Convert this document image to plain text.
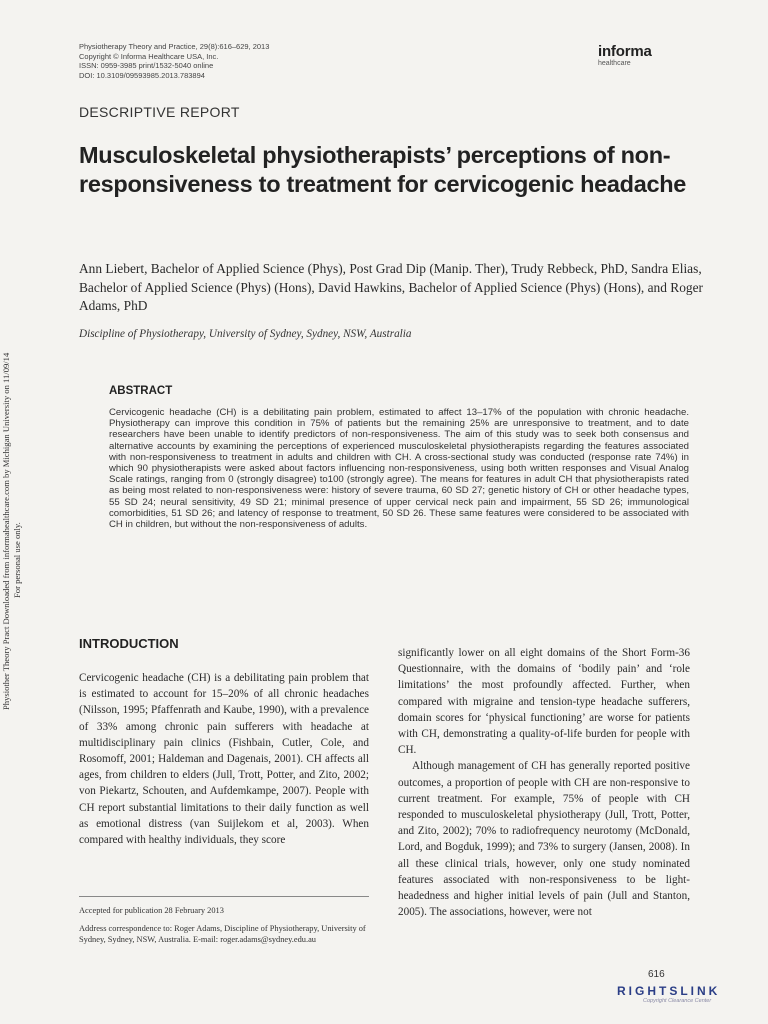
Physiotherapy Theory and Practice, 29(8):616–629, 2013
Copyright © Informa Healthcare USA, Inc.
ISSN: 0959-3985 print/1532-5040 online
DOI: 10.3109/09593985.2013.783894
informa
healthcare
DESCRIPTIVE REPORT
Musculoskeletal physiotherapists’ perceptions of non-responsiveness to treatment for cervicogenic headache
Ann Liebert, Bachelor of Applied Science (Phys), Post Grad Dip (Manip. Ther), Trudy Rebbeck, PhD, Sandra Elias, Bachelor of Applied Science (Phys) (Hons), David Hawkins, Bachelor of Applied Science (Phys) (Hons), and Roger Adams, PhD
Discipline of Physiotherapy, University of Sydney, Sydney, NSW, Australia
ABSTRACT
Cervicogenic headache (CH) is a debilitating pain problem, estimated to affect 13–17% of the population with chronic headache. Physiotherapy can improve this condition in 75% of patients but the remaining 25% are unresponsive to treatment, and to date researchers have been unable to identify predictors of non-responsiveness. The aim of this study was to seek both consensus and alternative accounts by examining the perceptions of experienced musculoskeletal physiotherapists regarding the features associated with non-responsiveness to treatment in adults and children with CH. A cross-sectional study was conducted (response rate 74%) in which 90 physiotherapists were asked about factors influencing non-responsiveness, using both written responses and Visual Analog Scale ratings, ranging from 0 (strongly disagree) to100 (strongly agree). The means for features in adult CH that physiotherapists rated as being most related to non-responsiveness were: history of severe trauma, 60 SD 27; genetic history of CH or other headache types, 55 SD 24; neural sensitivity, 49 SD 21; minimal presence of upper cervical neck pain and impairment, 55 SD 26; immunological comorbidities, 51 SD 26; and latency of response to treatment, 50 SD 26. These same features were considered to be associated with CH in children, but without the non-responsiveness of adults.
INTRODUCTION

Cervicogenic headache (CH) is a debilitating pain problem that is estimated to account for 15–20% of all chronic headaches (Nilsson, 1995; Pfaffenrath and Kaube, 1990), with a prevalence of 33% among chronic pain sufferers with headache at multidisciplinary pain clinics (Fishbain, Cutler, Cole, and Rosomoff, 2001; Haldeman and Dagenais, 2001). CH affects all ages, from children to elders (Jull, Trott, Potter, and Zito, 2002; von Piekartz, Schouten, and Aufdemkampe, 2007). People with CH report substantial limitations to their daily function as well as emotional distress (van Suijlekom et al, 2003). When compared with healthy individuals, they score

significantly lower on all eight domains of the Short Form-36 Questionnaire, with the domains of ‘bodily pain’ and ‘role limitations’ the most profoundly affected. Further, when compared with migraine and tension-type headache sufferers, domain scores for ‘physical functioning’ are worse for patients with CH, demonstrating a quality-of-life burden for people with CH.

Although management of CH has generally reported positive outcomes, a proportion of people with CH are non-responsive to current treatment. For example, 75% of people with CH responded to musculoskeletal physiotherapy (Jull, Trott, Potter, and Zito, 2002); 70% to radiofrequency neurotomy (McDonald, Lord, and Bogduk, 1999); and 73% to surgery (Jansen, 2008). In all these clinical trials, however, only one study nominated features associated with non-responsiveness to be light-headedness and higher initial levels of pain (Jull and Stanton, 2005). The associations, however, were not

Accepted for publication 28 February 2013
Address correspondence to: Roger Adams, Discipline of Physiotherapy, University of Sydney, Sydney, NSW, Australia. E-mail: roger.adams@sydney.edu.au
616
RIGHTSLINK
Copyright Clearance Center
Physiother Theory Pract Downloaded from informahealthcare.com by Michigan University on 11/09/14 For personal use only.
